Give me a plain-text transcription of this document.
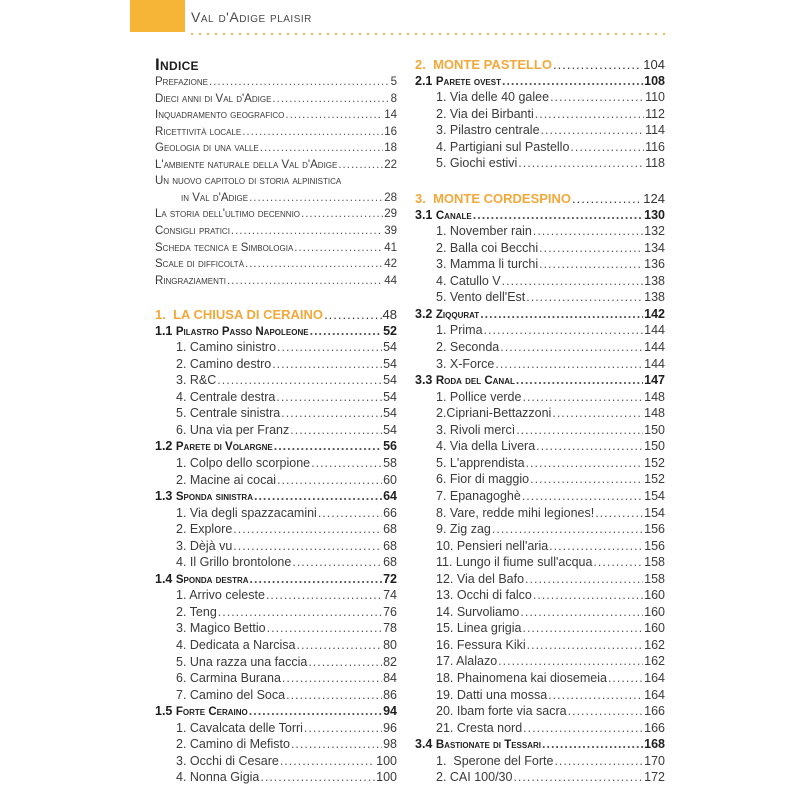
Val d'Adige plaisir
Indice
Prefazione .....	5
Dieci anni di Val d'Adige .....	8
Inquadramento geografico .....	14
Ricettività locale .....	16
Geologia di una valle .....	18
L'ambiente naturale della Val d'Adige .....	22
Un nuovo capitolo di storia alpinistica
in Val d'Adige .....	28
La storia dell'ultimo decennio .....	29
Consigli pratici .....	39
Scheda tecnica e Simbologia .....	41
Scale di difficoltà .....	42
Ringraziamenti .....	44
1.  LA CHIUSA DI CERAINO .....	48
1.1 Pilastro Passo Napoleone .....	52
1. Camino sinistro .....	54
2. Camino destro .....	54
3. R&C .....	54
4. Centrale destra .....	54
5. Centrale sinistra .....	54
6. Una via per Franz .....	54
1.2 Parete di Volargne .....	56
1. Colpo dello scorpione .....	58
2. Macine ai cocai .....	60
1.3 Sponda sinistra .....	64
1. Via degli spazzacamini .....	66
2. Explore .....	68
3. Dèjà vu .....	68
4. Il Grillo brontolone .....	68
1.4 Sponda destra .....	72
1. Arrivo celeste .....	74
2. Teng .....	76
3. Magico Bettio .....	78
4. Dedicata a Narcisa .....	80
5. Una razza una faccia .....	82
6. Carmina Burana .....	84
7. Camino del Soca .....	86
1.5 Forte Ceraino .....	94
1. Cavalcata delle Torri .....	96
2. Camino di Mefisto .....	98
3. Occhi di Cesare .....	100
4. Nonna Gigia .....	100
2.  MONTE PASTELLO .....	104
2.1 Parete ovest .....	108
1. Via delle 40 galee .....	110
2. Via dei Birbanti .....	112
3. Pilastro centrale .....	114
4. Partigiani sul Pastello .....	116
5. Giochi estivi .....	118
3.  MONTE CORDESPINO .....	124
3.1 Canale .....	130
1. November rain .....	132
2. Balla coi Becchi .....	134
3. Mamma li turchi .....	136
4. Catullo V .....	138
5. Vento dell'Est .....	138
3.2 Ziqqurat .....	142
1. Prima .....	144
2. Seconda .....	144
3. X-Force .....	144
3.3 Roda del Canal .....	147
1. Pollice verde .....	148
2.Cipriani-Bettazzoni .....	148
3. Rivoli mercì .....	150
4. Via della Livera .....	150
5. L'apprendista .....	152
6. Fior di maggio .....	152
7. Epanagoghè .....	154
8. Vare, redde mihi legiones! .....	154
9. Zig zag .....	156
10. Pensieri nell'aria .....	156
11. Lungo il fiume sull'acqua .....	158
12. Via del Bafo .....	158
13. Occhi di falco .....	160
14. Survoliamo .....	160
15. Linea grigia .....	160
16. Fessura Kiki .....	162
17. Alalazo .....	162
18. Phainomena kai diosemeia .....	164
19. Datti una mossa .....	164
20. Ibam forte via sacra .....	166
21. Cresta nord .....	166
3.4 Bastionate di Tessari .....	168
1.  Sperone del Forte .....	170
2. CAI 100/30 .....	172
